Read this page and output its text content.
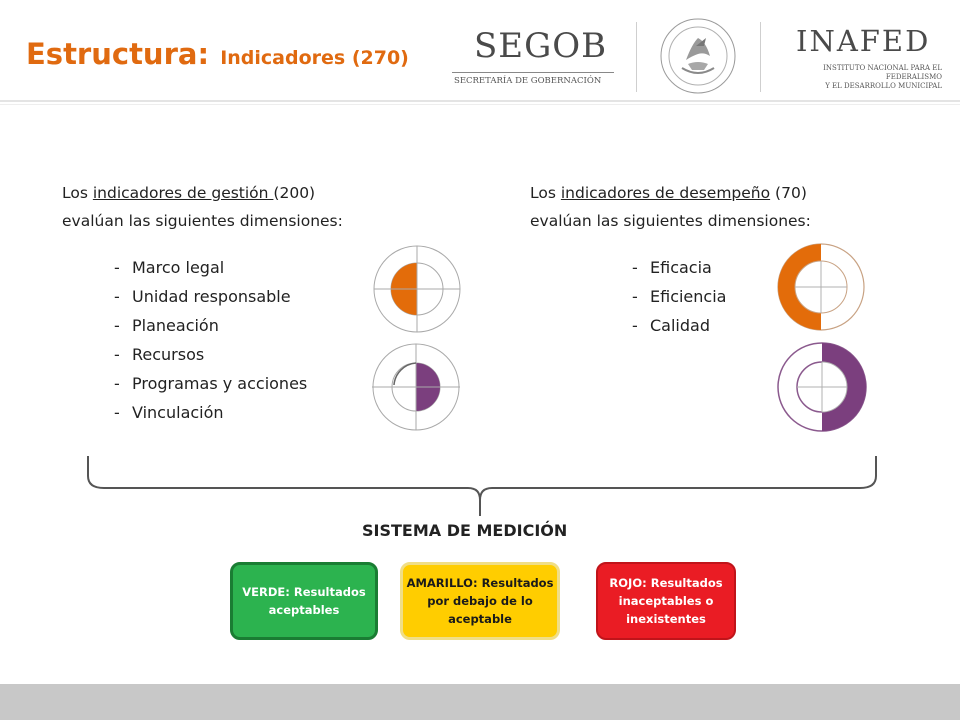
Estructura: Indicadores (270) SEGOB
SECRETARÍA DE GOBERNACIÓN
INAFED
INSTITUTO NACIONAL PARA EL FEDERALISMO
Y EL DESARROLLO MUNICIPAL
Los indicadores de gestión (200)
evalúan las siguientes dimensiones:
- Marco legal
- Unidad responsable
- Planeación
- Recursos
- Programas y acciones
- Vinculación
Los indicadores de desempeño (70)
evalúan las siguientes dimensiones:
- Eficacia
- Eficiencia
- Calidad
SISTEMA DE MEDICIÓN
VERDE: Resultados
aceptables
AMARILLO: Resultados
por debajo de lo
aceptable
ROJO: Resultados
inaceptables o
inexistentes
